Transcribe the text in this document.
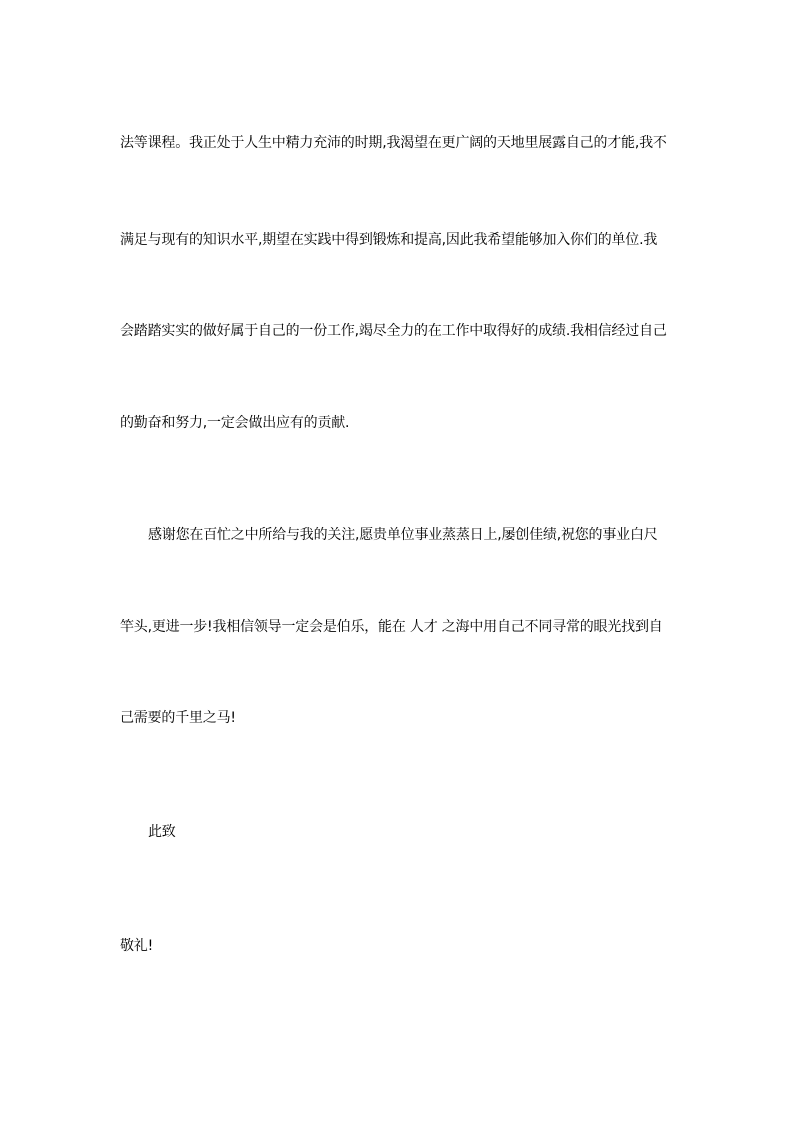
法等课程。我正处于人生中精力充沛的时期,我渴望在更广阔的天地里展露自己的才能,我不
满足与现有的知识水平,期望在实践中得到锻炼和提高,因此我希望能够加入你们的单位.我
会踏踏实实的做好属于自己的一份工作,竭尽全力的在工作中取得好的成绩.我相信经过自己
的勤奋和努力,一定会做出应有的贡献.
感谢您在百忙之中所给与我的关注,愿贵单位事业蒸蒸日上,屡创佳绩,祝您的事业白尺
竿头,更进一步!我相信领导一定会是伯乐，能在 人才 之海中用自己不同寻常的眼光找到自
己需要的千里之马!
此致
敬礼!
